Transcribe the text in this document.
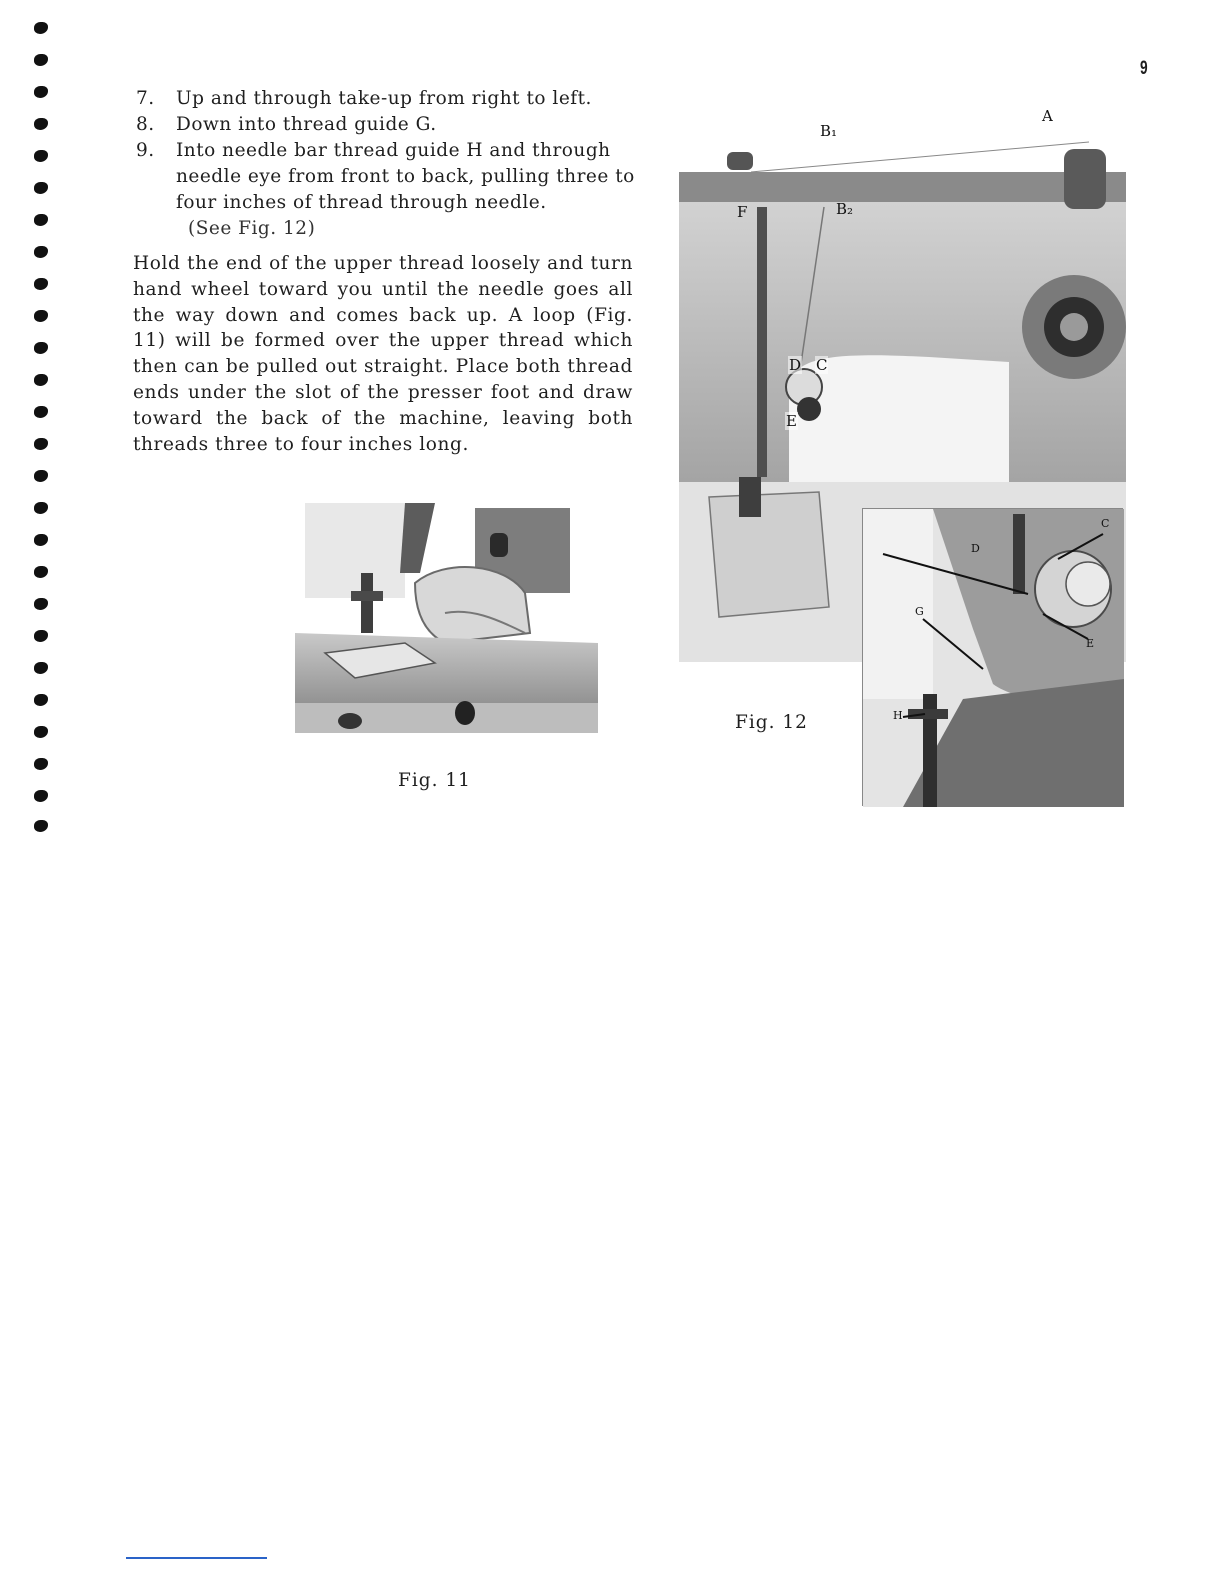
9
7.	Up and through take-up from right to left.
8.	Down into thread guide G.
9.	Into needle bar thread guide H and through needle eye from front to back, pulling three to four inches of thread through needle.
(See Fig. 12)
Hold the end of the upper thread loosely and turn hand wheel toward you until the needle goes all the way down and comes back up. A loop (Fig. 11) will be formed over the upper thread which then can be pulled out straight. Place both thread ends under the slot of the presser foot and draw toward the back of the machine, leaving both threads three to four inches long.
Fig. 11
A
B₁
B₂
F
D C
E
D
C
G
E
H
Fig. 12
